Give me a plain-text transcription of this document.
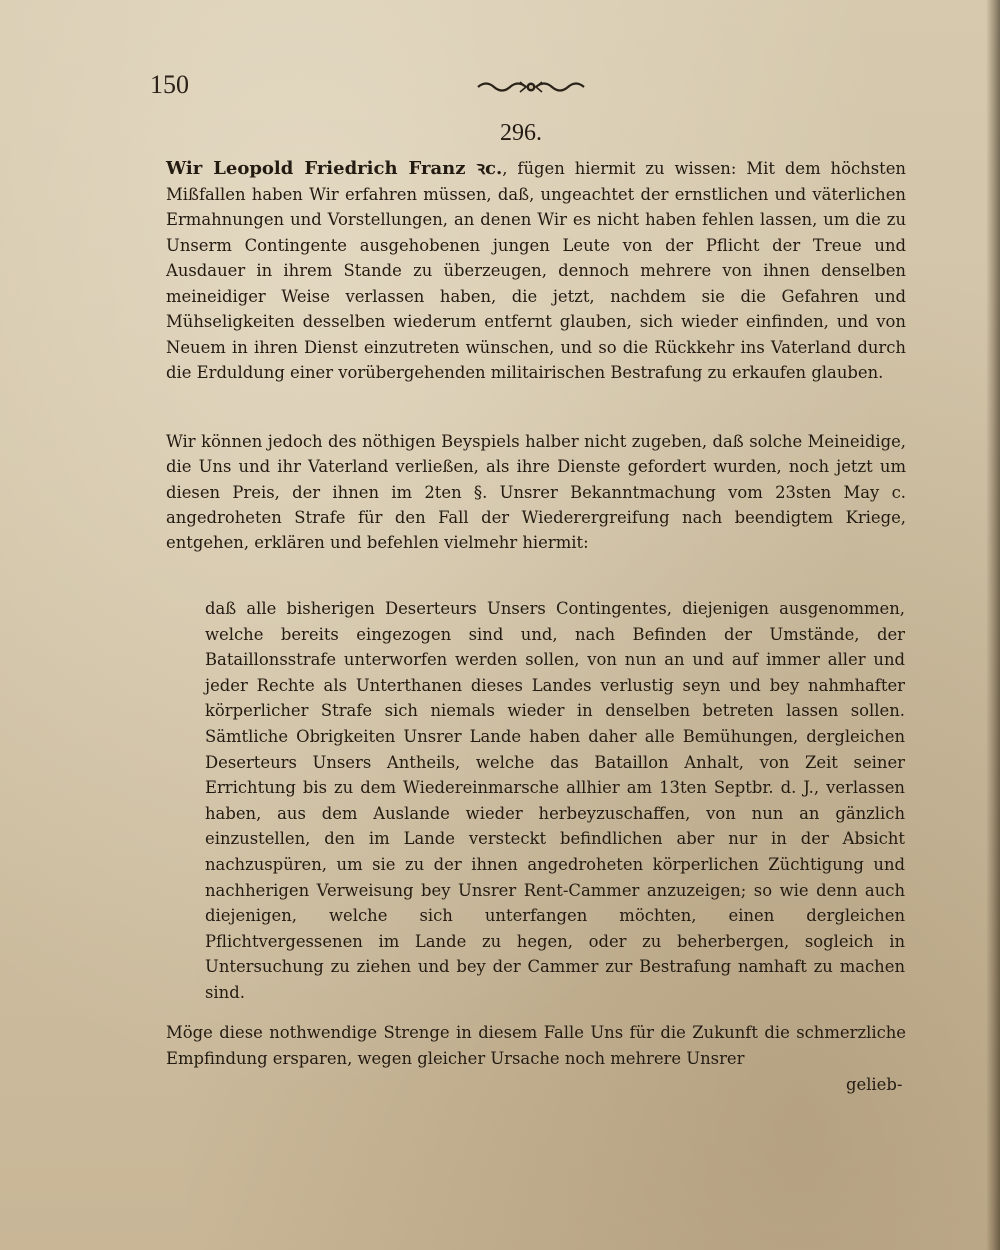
150
296.

Wir Leopold Friedrich Franz ꝛc., fügen hiermit zu wissen: Mit dem höchsten Mißfallen haben Wir erfahren müssen, daß, ungeachtet der ernstlichen und väterlichen Ermahnungen und Vorstellungen, an denen Wir es nicht haben fehlen lassen, um die zu Unserm Contingente ausgehobenen jungen Leute von der Pflicht der Treue und Ausdauer in ihrem Stande zu überzeugen, dennoch mehrere von ihnen denselben meineidiger Weise verlassen haben, die jetzt, nachdem sie die Gefahren und Mühseligkeiten desselben wiederum entfernt glauben, sich wieder einfinden, und von Neuem in ihren Dienst einzutreten wünschen, und so die Rückkehr ins Vaterland durch die Erduldung einer vorübergehenden militairischen Bestrafung zu erkaufen glauben.

Wir können jedoch des nöthigen Beyspiels halber nicht zugeben, daß solche Meineidige, die Uns und ihr Vaterland verließen, als ihre Dienste gefordert wurden, noch jetzt um diesen Preis, der ihnen im 2ten §. Unsrer Bekanntmachung vom 23sten May c. angedroheten Strafe für den Fall der Wiederergreifung nach beendigtem Kriege, entgehen, erklären und befehlen vielmehr hiermit:

daß alle bisherigen Deserteurs Unsers Contingentes, diejenigen ausgenommen, welche bereits eingezogen sind und, nach Befinden der Umstände, der Bataillonsstrafe unterworfen werden sollen, von nun an und auf immer aller und jeder Rechte als Unterthanen dieses Landes verlustig seyn und bey nahmhafter körperlicher Strafe sich niemals wieder in denselben betreten lassen sollen. Sämtliche Obrigkeiten Unsrer Lande haben daher alle Bemühungen, dergleichen Deserteurs Unsers Antheils, welche das Bataillon Anhalt, von Zeit seiner Errichtung bis zu dem Wiedereinmarsche allhier am 13ten Septbr. d. J., verlassen haben, aus dem Auslande wieder herbeyzuschaffen, von nun an gänzlich einzustellen, den im Lande versteckt befindlichen aber nur in der Absicht nachzuspüren, um sie zu der ihnen angedroheten körperlichen Züchtigung und nachherigen Verweisung bey Unsrer Rent-Cammer anzuzeigen; so wie denn auch diejenigen, welche sich unterfangen möchten, einen dergleichen Pflichtvergessenen im Lande zu hegen, oder zu beherbergen, sogleich in Untersuchung zu ziehen und bey der Cammer zur Bestrafung namhaft zu machen sind.

Möge diese nothwendige Strenge in diesem Falle Uns für die Zukunft die schmerzliche Empfindung ersparen, wegen gleicher Ursache noch mehrere Unsrer

gelieb-
